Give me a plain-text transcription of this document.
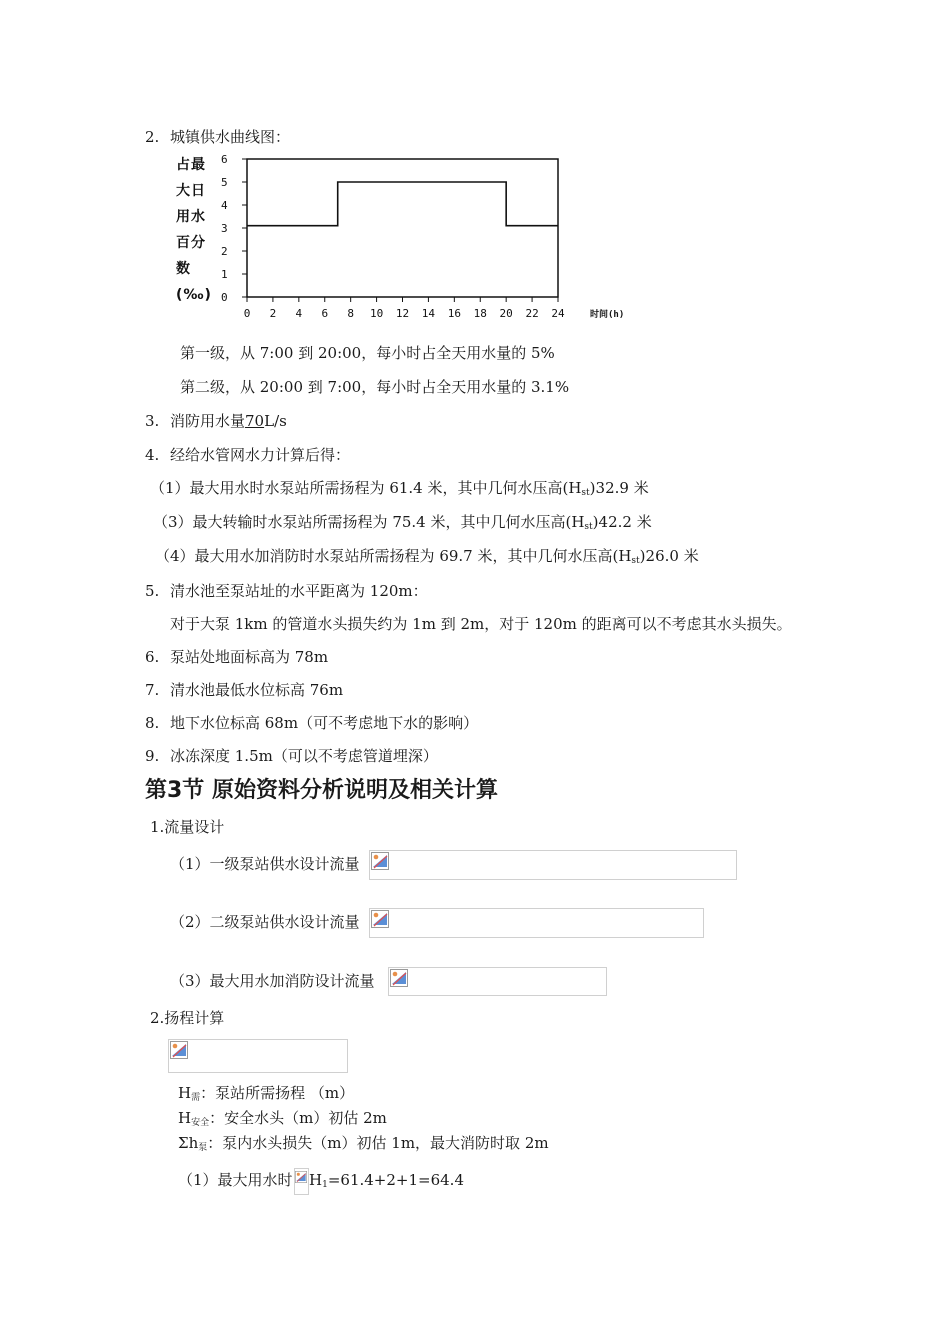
2. 城镇供水曲线图：
占最
大日
用水
百分
数
(‰) 0
1
2
3
4
5
6
0 2 4 6 8 10 12 14 16 18 20 22 24	时间(h)
第一级，从 7:00 到 20:00，每小时占全天用水量的 5%
第二级，从 20:00 到 7:00，每小时占全天用水量的 3.1%
3. 消防用水量70L/s
4. 经给水管网水力计算后得：
（1）最大用水时水泵站所需扬程为 61.4 米，其中几何水压高$(H_{st})32.9$ 米
（3）最大转输时水泵站所需扬程为 75.4 米，其中几何水压高$(H_{st})42.2$ 米
（4）最大用水加消防时水泵站所需扬程为 69.7 米，其中几何水压高$(H_{st})26.0$ 米
5. 清水池至泵站址的水平距离为 120m：
对于大泵 1km 的管道水头损失约为 1m 到 2m，对于 120m 的距离可以不考虑其水头损失。
6. 泵站处地面标高为 78m
7. 清水池最低水位标高 76m
8. 地下水位标高 68m（可不考虑地下水的影响）
9. 冰冻深度 1.5m（可以不考虑管道埋深）
第3节 原始资料分析说明及相关计算
1.流量设计
（1）一级泵站供水设计流量
（2）二级泵站供水设计流量
（3）最大用水加消防设计流量
2.扬程计算
$H_需$：泵站所需扬程 （m）
$H_{安全}$：安全水头（m）初估 2m
$\Sigma h_泵$：泵内水头损失（m）初估 1m，最大消防时取 2m
（1）最大用水时 $H_1=61.4+2+1=64.4$
